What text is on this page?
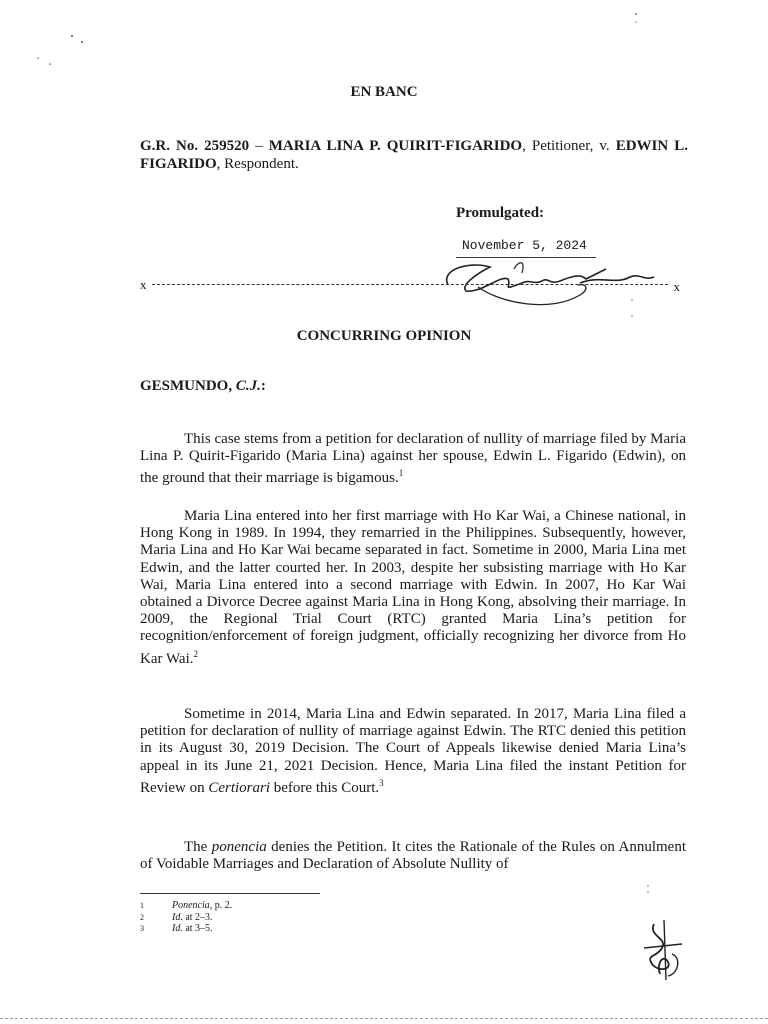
EN BANC
G.R. No. 259520 – MARIA LINA P. QUIRIT-FIGARIDO, Petitioner, v. EDWIN L. FIGARIDO, Respondent.
Promulgated:
November 5, 2024
x	x
CONCURRING OPINION
GESMUNDO, C.J.:

This case stems from a petition for declaration of nullity of marriage filed by Maria Lina P. Quirit-Figarido (Maria Lina) against her spouse, Edwin L. Figarido (Edwin), on the ground that their marriage is bigamous.$^1$

Maria Lina entered into her first marriage with Ho Kar Wai, a Chinese national, in Hong Kong in 1989. In 1994, they remarried in the Philippines. Subsequently, however, Maria Lina and Ho Kar Wai became separated in fact. Sometime in 2000, Maria Lina met Edwin, and the latter courted her. In 2003, despite her subsisting marriage with Ho Kar Wai, Maria Lina entered into a second marriage with Edwin. In 2007, Ho Kar Wai obtained a Divorce Decree against Maria Lina in Hong Kong, absolving their marriage. In 2009, the Regional Trial Court (RTC) granted Maria Lina’s petition for recognition/enforcement of foreign judgment, officially recognizing her divorce from Ho Kar Wai.$^2$

Sometime in 2014, Maria Lina and Edwin separated. In 2017, Maria Lina filed a petition for declaration of nullity of marriage against Edwin. The RTC denied this petition in its August 30, 2019 Decision. The Court of Appeals likewise denied Maria Lina’s appeal in its June 21, 2021 Decision. Hence, Maria Lina filed the instant Petition for Review on Certiorari before this Court.$^3$

The ponencia denies the Petition. It cites the Rationale of the Rules on Annulment of Voidable Marriages and Declaration of Absolute Nullity of

1	Ponencia, p. 2.
2	Id. at 2–3.
3	Id. at 3–5.
